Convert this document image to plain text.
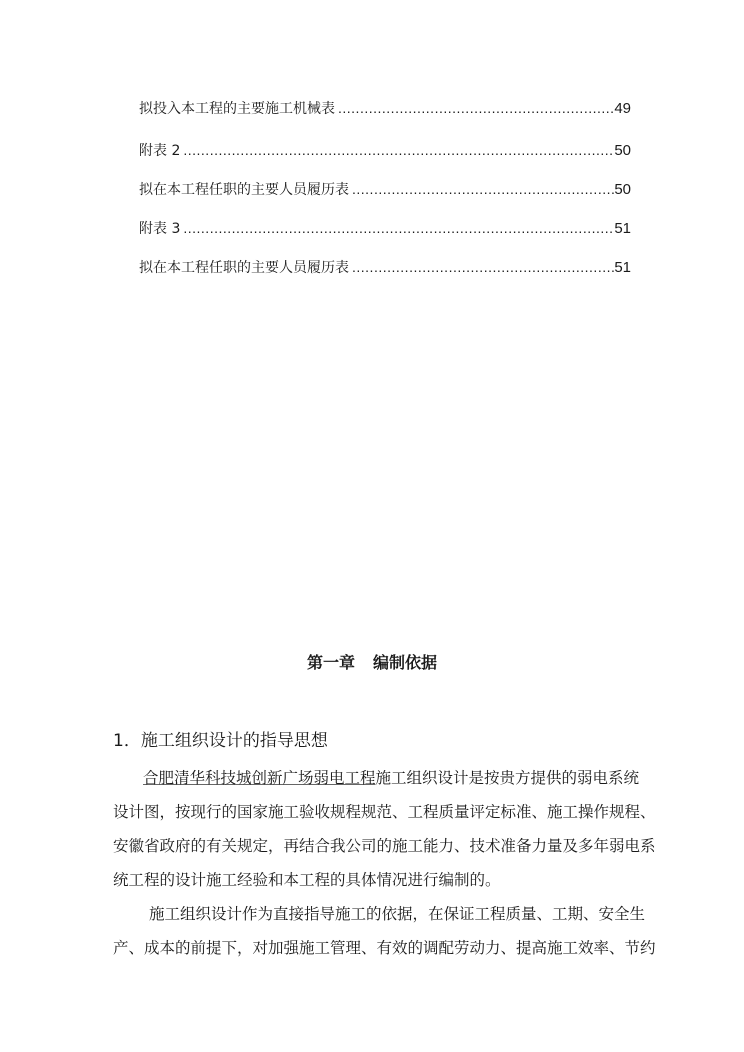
拟投入本工程的主要施工机械表 .....	49
附表 2 .....	50
拟在本工程任职的主要人员履历表 .....	50
附表 3 .....	51
拟在本工程任职的主要人员履历表 .....	51
第一章 编制依据
1．施工组织设计的指导思想
合肥清华科技城创新广场弱电工程施工组织设计是按贵方提供的弱电系统
设计图，按现行的国家施工验收规程规范、工程质量评定标准、施工操作规程、
安徽省政府的有关规定，再结合我公司的施工能力、技术准备力量及多年弱电系
统工程的设计施工经验和本工程的具体情况进行编制的。
施工组织设计作为直接指导施工的依据，在保证工程质量、工期、安全生
产、成本的前提下，对加强施工管理、有效的调配劳动力、提高施工效率、节约
